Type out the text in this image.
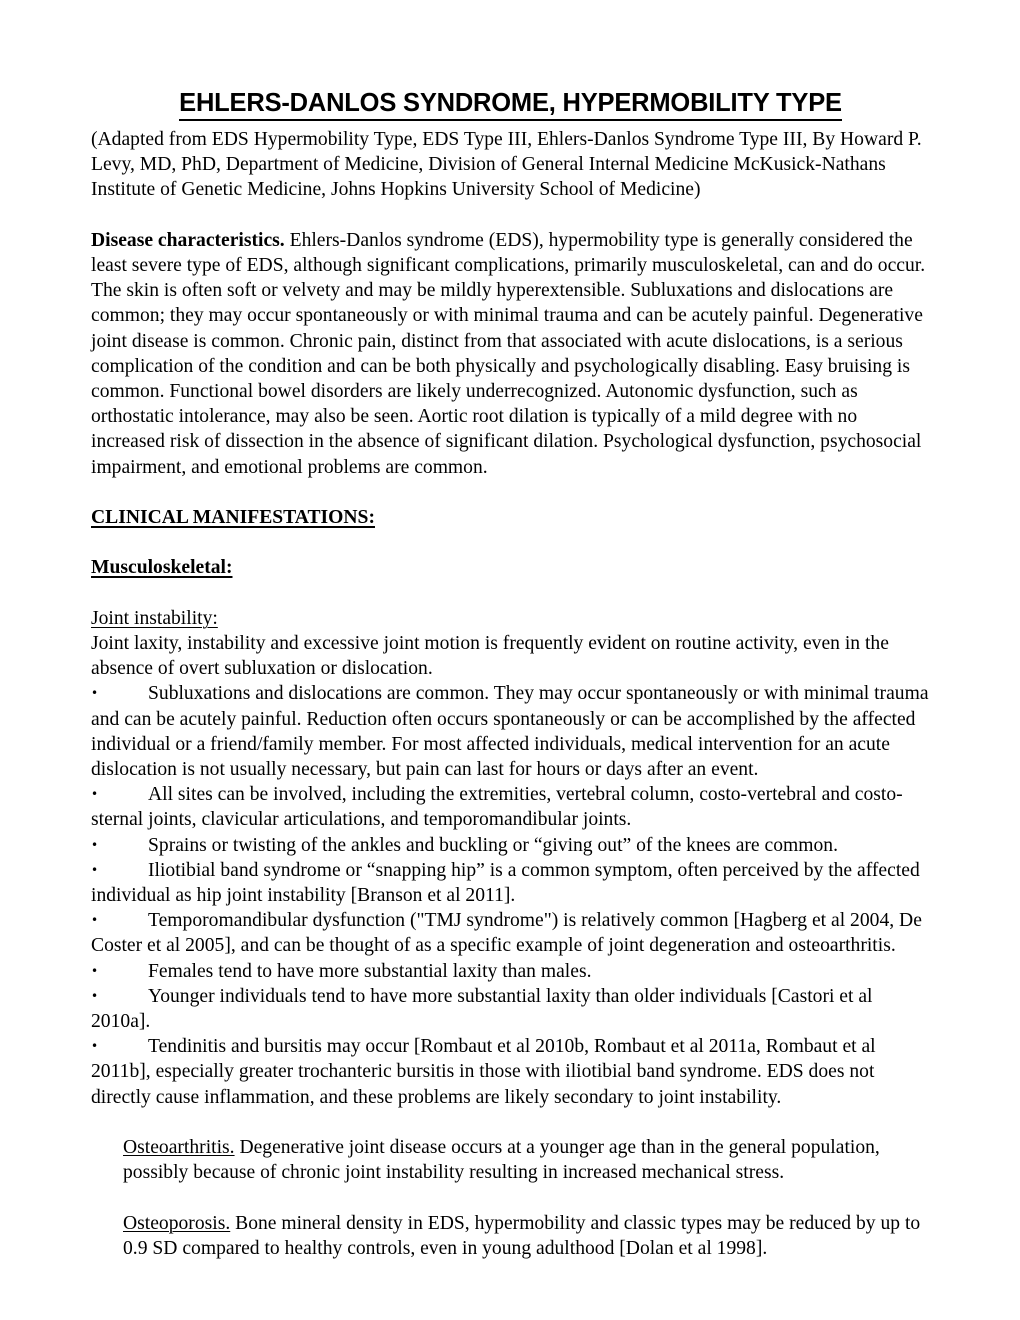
EHLERS-DANLOS SYNDROME, HYPERMOBILITY TYPE

(Adapted from EDS Hypermobility Type, EDS Type III, Ehlers-Danlos Syndrome Type III, By Howard P. Levy, MD, PhD, Department of Medicine, Division of General Internal Medicine McKusick-Nathans Institute of Genetic Medicine, Johns Hopkins University School of Medicine)

Disease characteristics. Ehlers-Danlos syndrome (EDS), hypermobility type is generally considered the least severe type of EDS, although significant complications, primarily musculoskeletal, can and do occur. The skin is often soft or velvety and may be mildly hyperextensible. Subluxations and dislocations are common; they may occur spontaneously or with minimal trauma and can be acutely painful. Degenerative joint disease is common. Chronic pain, distinct from that associated with acute dislocations, is a serious complication of the condition and can be both physically and psychologically disabling. Easy bruising is common. Functional bowel disorders are likely underrecognized. Autonomic dysfunction, such as orthostatic intolerance, may also be seen. Aortic root dilation is typically of a mild degree with no increased risk of dissection in the absence of significant dilation. Psychological dysfunction, psychosocial impairment, and emotional problems are common.

CLINICAL MANIFESTATIONS:

Musculoskeletal:

Joint instability:

Joint laxity, instability and excessive joint motion is frequently evident on routine activity, even in the absence of overt subluxation or dislocation.

•	Subluxations and dislocations are common. They may occur spontaneously or with minimal trauma and can be acutely painful. Reduction often occurs spontaneously or can be accomplished by the affected individual or a friend/family member. For most affected individuals, medical intervention for an acute dislocation is not usually necessary, but pain can last for hours or days after an event.

•	All sites can be involved, including the extremities, vertebral column, costo-vertebral and costo-sternal joints, clavicular articulations, and temporomandibular joints.

•	Sprains or twisting of the ankles and buckling or “giving out” of the knees are common.

•	Iliotibial band syndrome or “snapping hip” is a common symptom, often perceived by the affected individual as hip joint instability [Branson et al 2011].

•	Temporomandibular dysfunction ("TMJ syndrome") is relatively common [Hagberg et al 2004, De Coster et al 2005], and can be thought of as a specific example of joint degeneration and osteoarthritis.

•	Females tend to have more substantial laxity than males.

•	Younger individuals tend to have more substantial laxity than older individuals [Castori et al 2010a].

•	Tendinitis and bursitis may occur [Rombaut et al 2010b, Rombaut et al 2011a, Rombaut et al 2011b], especially greater trochanteric bursitis in those with iliotibial band syndrome. EDS does not directly cause inflammation, and these problems are likely secondary to joint instability.

Osteoarthritis. Degenerative joint disease occurs at a younger age than in the general population, possibly because of chronic joint instability resulting in increased mechanical stress.

Osteoporosis. Bone mineral density in EDS, hypermobility and classic types may be reduced by up to 0.9 SD compared to healthy controls, even in young adulthood [Dolan et al 1998].
